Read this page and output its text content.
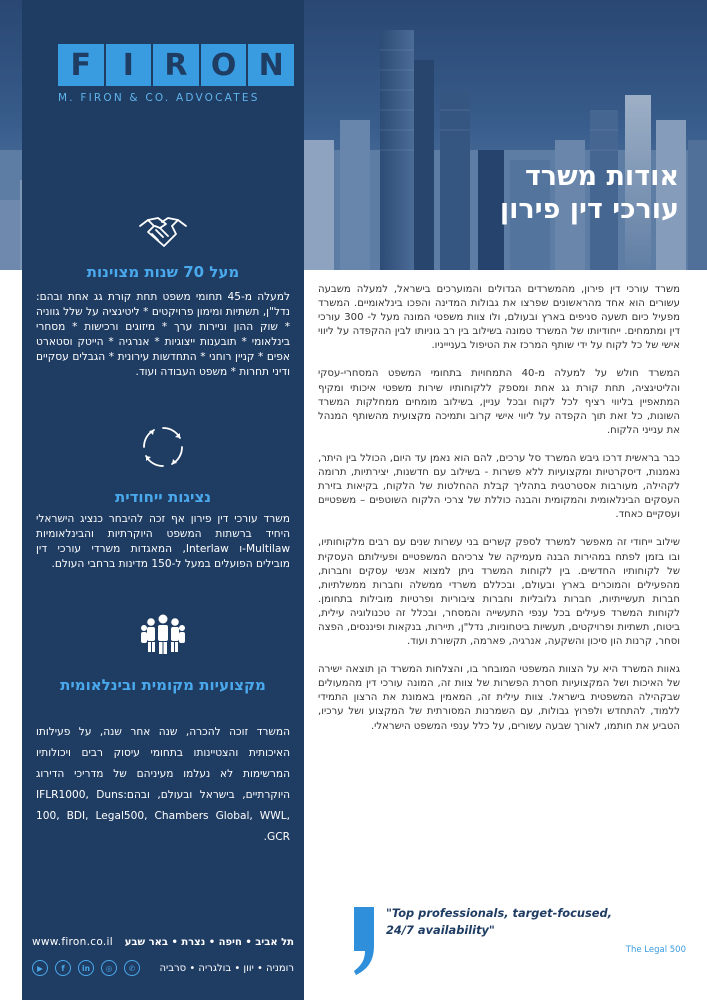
אודות משרד
עורכי דין פירון
F	I	R O N
M. FIRON & CO. ADVOCATES
מעל 70 שנות מצוינות
למעלה מ-45 תחומי משפט תחת קורת גג אחת ובהם: נדל"ן, תשתיות ומימון פרויקטים * ליטיגציה על שלל גווניה * שוק ההון וניירות ערך * מיזוגים ורכישות * מסחרי בינלאומי * תובענות ייצוגיות * אנרגיה * הייטק וסטארט אפים * קניין רוחני * התחדשות עירונית * הגבלים עסקיים ודיני תחרות * משפט העבודה ועוד.
נציגות ייחודית
משרד עורכי דין פירון אף זכה להיבחר כנציג הישראלי היחיד ברשתות המשפט היוקרתיות והבינלאומיות Multilaw-ו Interlaw, המאגדות משרדי עורכי דין מובילים הפועלים במעל ל-150 מדינות ברחבי העולם.
מקצועיות מקומית ובינלאומית
המשרד זוכה להכרה, שנה אחר שנה, על פעילותו האיכותית והצטיינותו בתחומי עיסוק רבים ויכולותיו המרשימות לא נעלמו מעיניהם של מדריכי הדירוג היוקרתיים, בישראל ובעולם, ובהם:IFLR1000, Duns 100, BDI, Legal500, Chambers Global, WWL, GCR.
www.firon.co.il תל אביב • חיפה • נצרת • באר שבע
▶	f	in	◎	✆	רומניה • יוון • בולגריה • סרביה

משרד עורכי דין פירון, מהמשרדים הגדולים והמוערכים בישראל, למעלה משבעה עשורים הוא אחד מהראשונים שפרצו את גבולות המדינה והפכו בינלאומיים. המשרד מפעיל כיום תשעה סניפים בארץ ובעולם, ולו צוות משפטי המונה מעל ל- 300 עורכי דין ומתמחים. ייחודיותו של המשרד טמונה בשילוב בין רב גוניותו לבין ההקפדה על ליווי אישי של כל לקוח על ידי שותף המרכז את הטיפול בעניייניו.

המשרד חולש על למעלה מ-40 התמחויות בתחומי המשפט המסחרי-עסקי והליטיגציה, תחת קורת גג אחת ומספק ללקוחותיו שירות משפטי איכותי ומקיף המתאפיין בליווי רציף לכל לקוח ובכל עניין, בשילוב מומחים ממחלקות המשרד השונות, כל זאת תוך הקפדה על ליווי אישי קרוב ותמיכה מקצועית מהשותף המנהל את ענייני הלקוח.

כבר בראשית דרכו גיבש המשרד סל ערכים, להם הוא נאמן עד היום, הכולל בין היתר, נאמנות, דיסקרטיות ומקצועיות ללא פשרות - בשילוב עם חדשנות, יצירתיות, תרומה לקהילה, מעורבות אסטרטגית בתהליך קבלת ההחלטות של הלקוח, בקיאות בזירת העסקים הבינלאומית והמקומית והבנה כוללת של צרכי הלקוח השוטפים – משפטיים ועסקיים כאחד.

שילוב ייחודי זה מאפשר למשרד לספק קשרים בני עשרות שנים עם רבים מלקוחותיו, ובו בזמן לפתח במהירות הבנה מעמיקה של צרכיהם המשפטיים ופעילותם העסקית של לקוחותיו החדשים. בין לקוחות המשרד ניתן למצוא אנשי עסקים וחברות, מהפעילים והמוכרים בארץ ובעולם, ובכללם משרדי ממשלה וחברות ממשלתיות, חברות תעשייתיות, חברות גלובליות וחברות ציבוריות ופרטיות מובילות בתחומן. לקוחות המשרד פעילים בכל ענפי התעשייה והמסחר, ובכלל זה טכנולוגיה עילית, ביטוח, תשתיות ופרויקטים, תעשיות ביטחוניות, נדל"ן, תיירות, בנקאות ופיננסים, הפצה וסחר, קרנות הון סיכון והשקעה, אנרגיה, פארמה, תקשורת ועוד.

גאוות המשרד היא על הצוות המשפטי המובחר בו, והצלחות המשרד הן תוצאה ישירה של האיכות ושל המקצועיות חסרת הפשרות של צוות זה, המונה עורכי דין מהמעולים שבקהילה המשפטית בישראל. צוות עילית זה, המאמין באמונת את הרצון התמידי ללמוד, להתחדש ולפרוץ גבולות, עם השמרנות המסורתית של המקצוע ושל ערכיו, הטביע את חותמו, לאורך שבעה עשורים, על כלל ענפי המשפט הישראלי.

"Top professionals, target-focused, 24/7 availability"
The Legal 500
